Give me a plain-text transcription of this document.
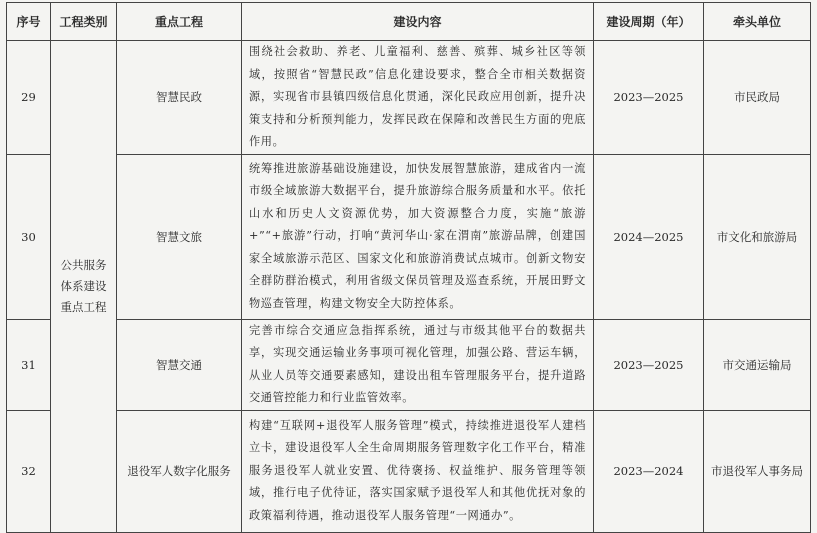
序号	工程类别	重点工程	建设内容	建设周期（年）	牵头单位
29	公共服务体系建设重点工程	智慧民政	围绕社会救助、养老、儿童福利、慈善、殡葬、城乡社区等领域，按照省“智慧民政”信息化建设要求，整合全市相关数据资源，实现省市县镇四级信息化贯通，深化民政应用创新，提升决策支持和分析预判能力，发挥民政在保障和改善民生方面的兜底作用。	2023—2025	市民政局
30		智慧文旅	统筹推进旅游基础设施建设，加快发展智慧旅游，建成省内一流市级全域旅游大数据平台，提升旅游综合服务质量和水平。依托山水和历史人文资源优势，加大资源整合力度，实施“旅游+”“+旅游”行动，打响“黄河华山·家在渭南”旅游品牌，创建国家全域旅游示范区、国家文化和旅游消费试点城市。创新文物安全群防群治模式，利用省级文保员管理及巡查系统，开展田野文物巡查管理，构建文物安全大防控体系。	2024—2025	市文化和旅游局
31		智慧交通	完善市综合交通应急指挥系统，通过与市级其他平台的数据共享，实现交通运输业务事项可视化管理，加强公路、营运车辆，从业人员等交通要素感知，建设出租车管理服务平台，提升道路交通管控能力和行业监管效率。	2023—2025	市交通运输局
32		退役军人数字化服务	构建“互联网+退役军人服务管理”模式，持续推进退役军人建档立卡，建设退役军人全生命周期服务管理数字化工作平台，精准服务退役军人就业安置、优待褒扬、权益维护、服务管理等领域，推行电子优待证，落实国家赋予退役军人和其他优抚对象的政策福利待遇，推动退役军人服务管理“一网通办”。	2023—2024	市退役军人事务局
